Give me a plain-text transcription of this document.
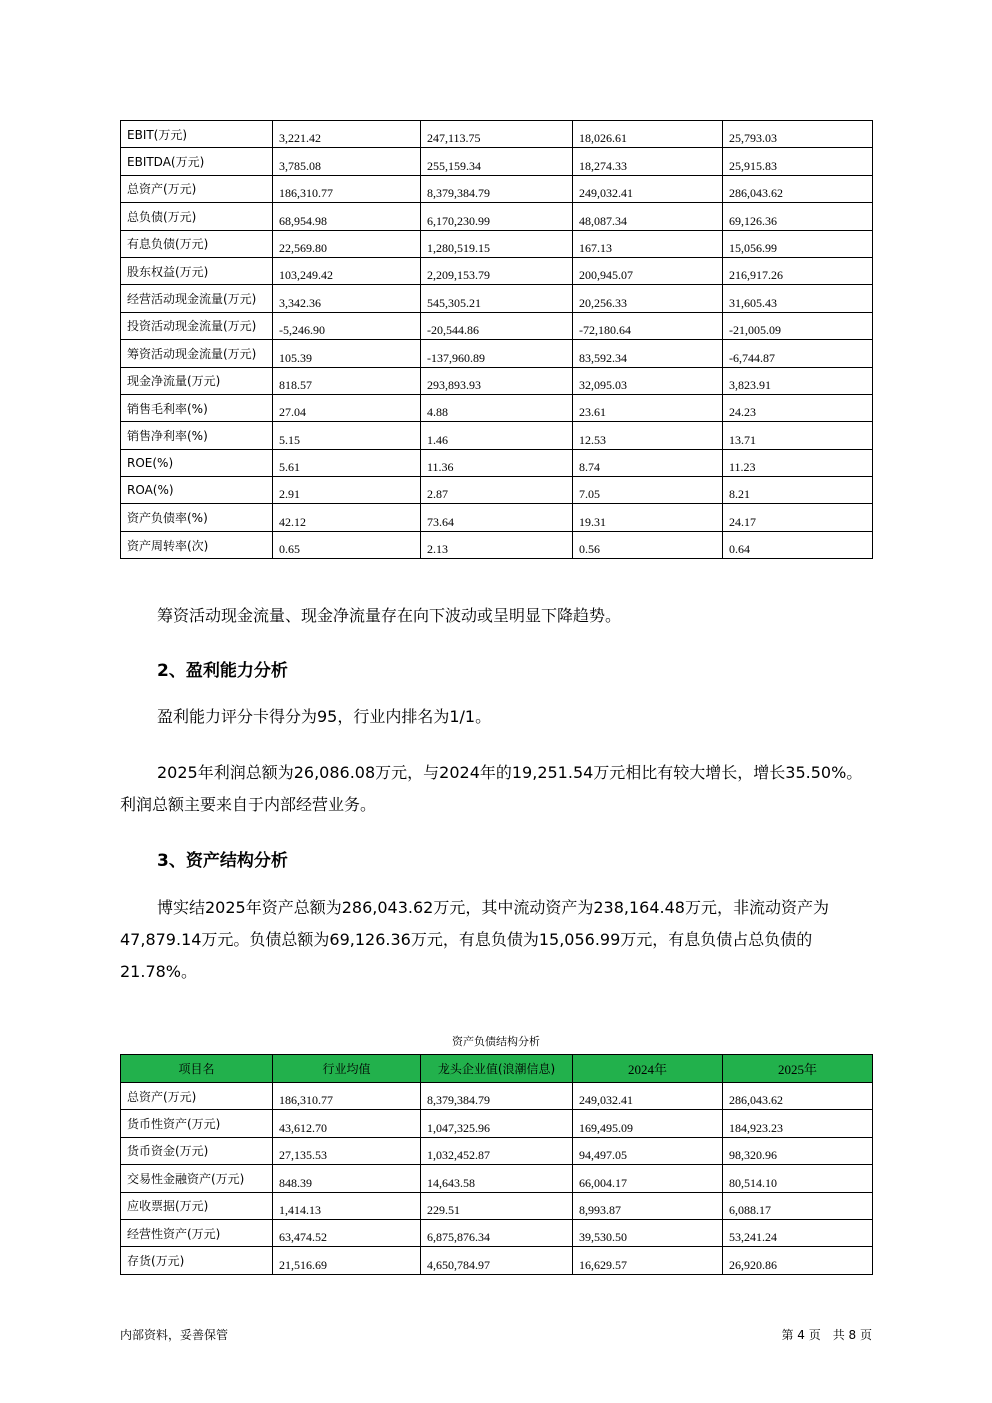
EBIT(万元)	3,221.42	247,113.75	18,026.61	25,793.03
EBITDA(万元)	3,785.08	255,159.34	18,274.33	25,915.83
总资产(万元)	186,310.77	8,379,384.79	249,032.41	286,043.62
总负债(万元)	68,954.98	6,170,230.99	48,087.34	69,126.36
有息负债(万元)	22,569.80	1,280,519.15	167.13	15,056.99
股东权益(万元)	103,249.42	2,209,153.79	200,945.07	216,917.26
经营活动现金流量(万元)	3,342.36	545,305.21	20,256.33	31,605.43
投资活动现金流量(万元)	-5,246.90	-20,544.86	-72,180.64	-21,005.09
筹资活动现金流量(万元)	105.39	-137,960.89	83,592.34	-6,744.87
现金净流量(万元)	818.57	293,893.93	32,095.03	3,823.91
销售毛利率(%)	27.04	4.88	23.61	24.23
销售净利率(%)	5.15	1.46	12.53	13.71
ROE(%)	5.61	11.36	8.74	11.23
ROA(%)	2.91	2.87	7.05	8.21
资产负债率(%)	42.12	73.64	19.31	24.17
资产周转率(次)	0.65	2.13	0.56	0.64

筹资活动现金流量、现金净流量存在向下波动或呈明显下降趋势。

2、盈利能力分析

盈利能力评分卡得分为95，行业内排名为1/1。

2025年利润总额为26,086.08万元，与2024年的19,251.54万元相比有较大增长，增长35.50%。利润总额主要来自于内部经营业务。

3、资产结构分析

博实结2025年资产总额为286,043.62万元，其中流动资产为238,164.48万元，非流动资产为47,879.14万元。负债总额为69,126.36万元，有息负债为15,056.99万元，有息负债占总负债的21.78%。

资产负债结构分析
项目名	行业均值	龙头企业值(浪潮信息)	2024年	2025年
总资产(万元)	186,310.77	8,379,384.79	249,032.41	286,043.62
货币性资产(万元)	43,612.70	1,047,325.96	169,495.09	184,923.23
货币资金(万元)	27,135.53	1,032,452.87	94,497.05	98,320.96
交易性金融资产(万元)	848.39	14,643.58	66,004.17	80,514.10
应收票据(万元)	1,414.13	229.51	8,993.87	6,088.17
经营性资产(万元)	63,474.52	6,875,876.34	39,530.50	53,241.24
存货(万元)	21,516.69	4,650,784.97	16,629.57	26,920.86
内部资料，妥善保管	第 4 页　共 8 页
